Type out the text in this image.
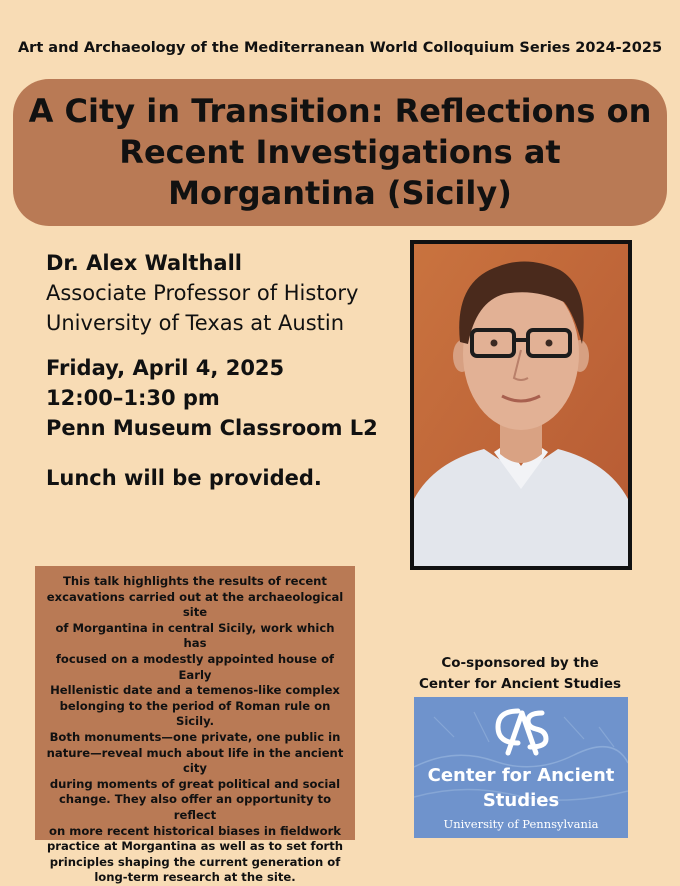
Art and Archaeology of the Mediterranean World Colloquium Series 2024-2025
A City in Transition: Reflections on
Recent Investigations at
Morgantina (Sicily)
Dr. Alex Walthall
Associate Professor of History
University of Texas at Austin
Friday, April 4, 2025
12:00–1:30 pm
Penn Museum Classroom L2
Lunch will be provided.
This talk highlights the results of recent
excavations carried out at the archaeological site
of Morgantina in central Sicily, work which has
focused on a modestly appointed house of Early
Hellenistic date and a temenos-like complex
belonging to the period of Roman rule on Sicily.
Both monuments—one private, one public in
nature—reveal much about life in the ancient city
during moments of great political and social
change. They also offer an opportunity to reflect
on more recent historical biases in fieldwork
practice at Morgantina as well as to set forth
principles shaping the current generation of
long-term research at the site.
Co-sponsored by the
Center for Ancient Studies
Center for Ancient
Studies
University of Pennsylvania
